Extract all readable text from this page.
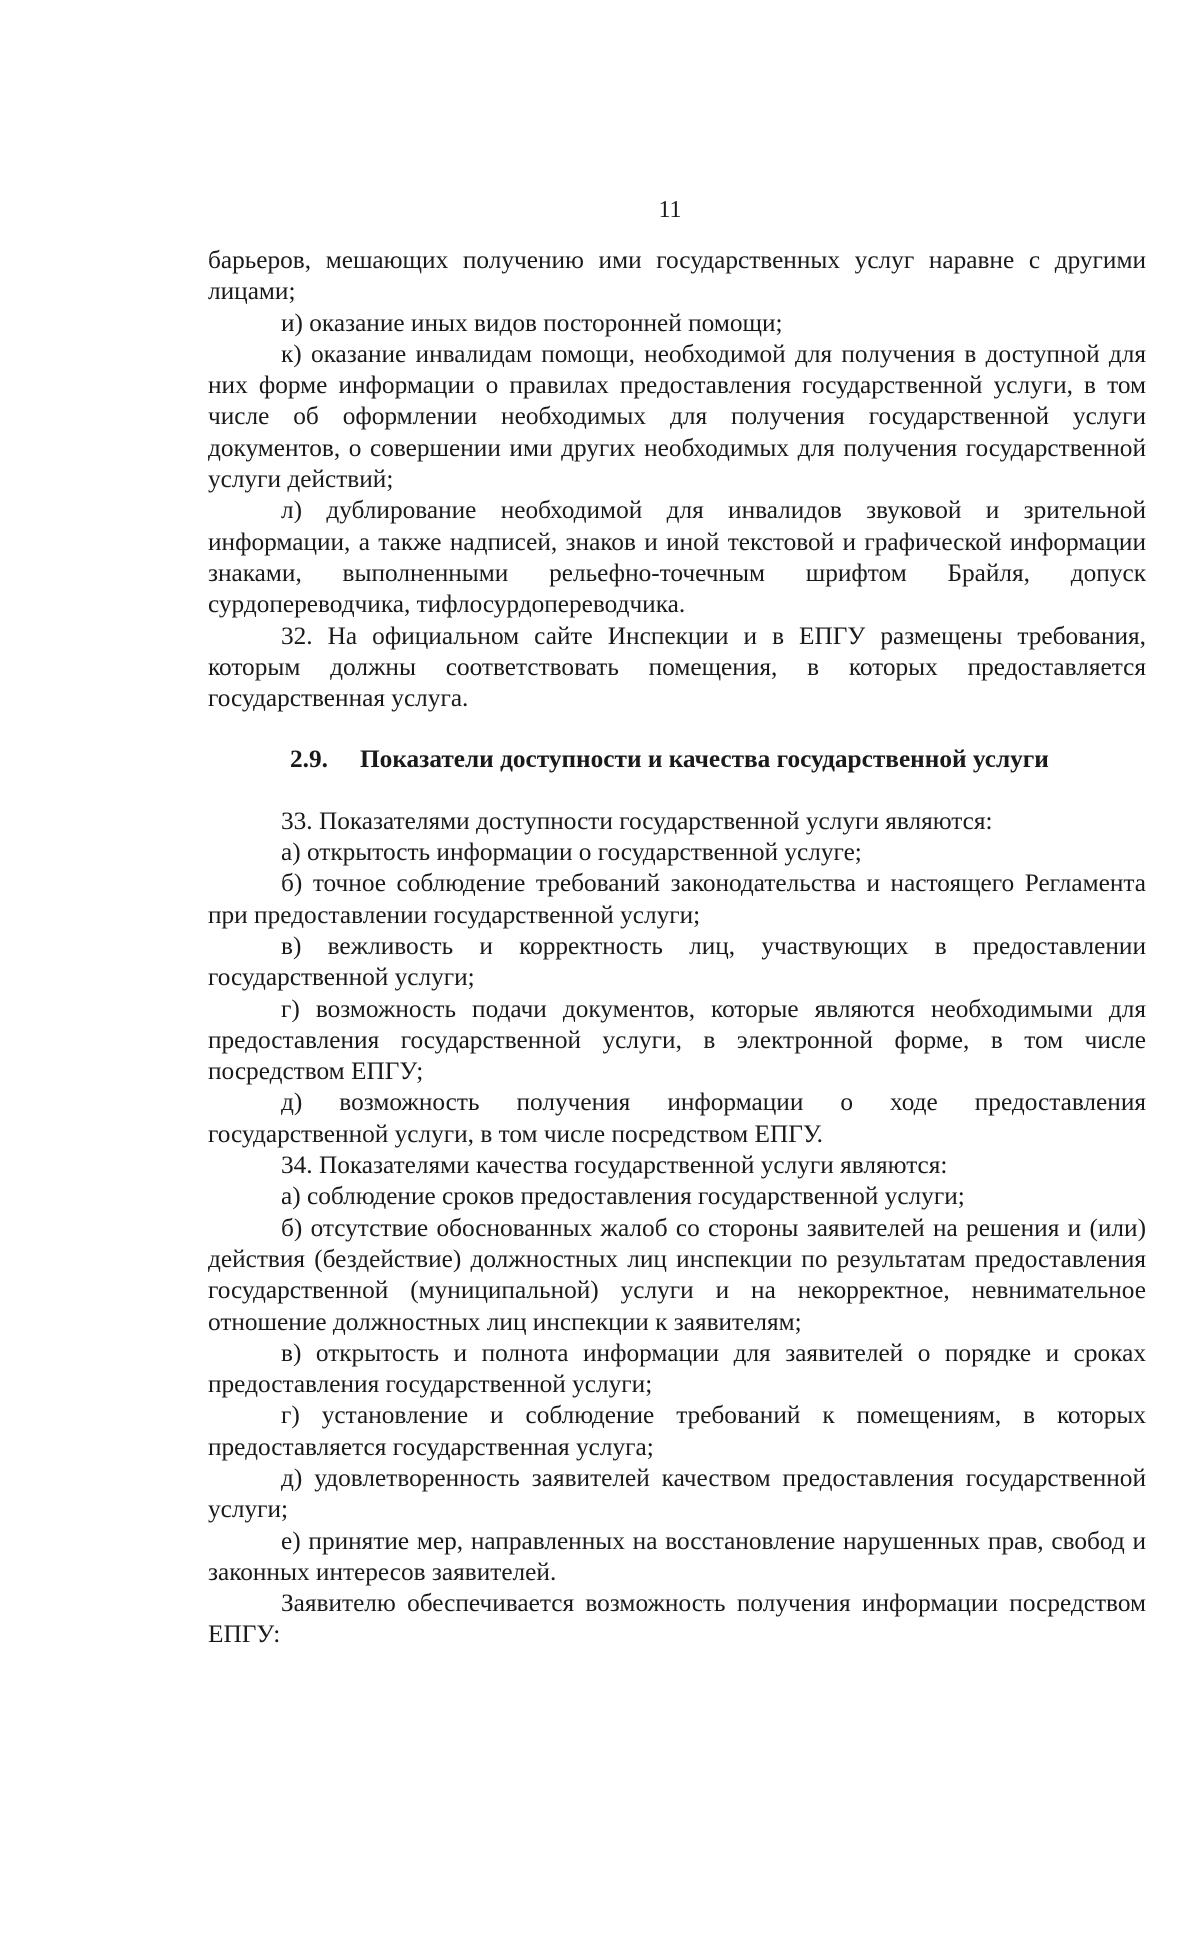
11

барьеров, мешающих получению ими государственных услуг наравне с другими лицами;

и) оказание иных видов посторонней помощи;

к) оказание инвалидам помощи, необходимой для получения в доступной для них форме информации о правилах предоставления государственной услуги, в том числе об оформлении необходимых для получения государственной услуги документов, о совершении ими других необходимых для получения государственной услуги действий;

л) дублирование необходимой для инвалидов звуковой и зрительной информации, а также надписей, знаков и иной текстовой и графической информации знаками, выполненными рельефно-точечным шрифтом Брайля, допуск сурдопереводчика, тифлосурдопереводчика.

32. На официальном сайте Инспекции и в ЕПГУ размещены требования, которым должны соответствовать помещения, в которых предоставляется государственная услуга.

2.9. Показатели доступности и качества государственной услуги

33. Показателями доступности государственной услуги являются:

а) открытость информации о государственной услуге;

б) точное соблюдение требований законодательства и настоящего Регламента при предоставлении государственной услуги;

в) вежливость и корректность лиц, участвующих в предоставлении государственной услуги;

г) возможность подачи документов, которые являются необходимыми для предоставления государственной услуги, в электронной форме, в том числе посредством ЕПГУ;

д) возможность получения информации о ходе предоставления государственной услуги, в том числе посредством ЕПГУ.

34. Показателями качества государственной услуги являются:

а) соблюдение сроков предоставления государственной услуги;

б) отсутствие обоснованных жалоб со стороны заявителей на решения и (или) действия (бездействие) должностных лиц инспекции по результатам предоставления государственной (муниципальной) услуги и на некорректное, невнимательное отношение должностных лиц инспекции к заявителям;

в) открытость и полнота информации для заявителей о порядке и сроках предоставления государственной услуги;

г) установление и соблюдение требований к помещениям, в которых предоставляется государственная услуга;

д) удовлетворенность заявителей качеством предоставления государственной услуги;

е) принятие мер, направленных на восстановление нарушенных прав, свобод и законных интересов заявителей.

Заявителю обеспечивается возможность получения информации посредством ЕПГУ:
